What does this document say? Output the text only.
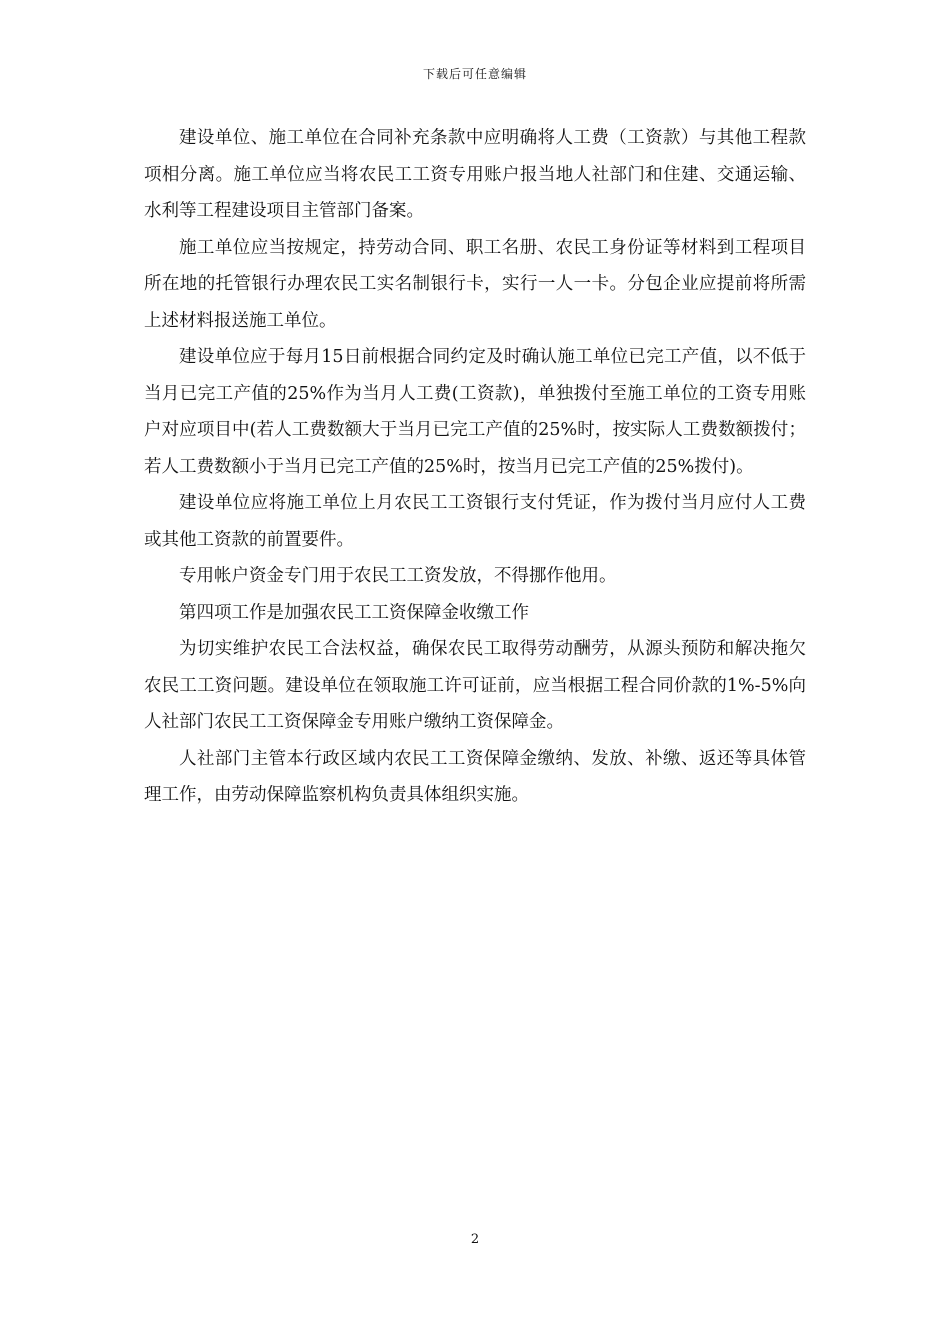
下载后可任意编辑

建设单位、施工单位在合同补充条款中应明确将人工费（工资款）与其他工程款项相分离。施工单位应当将农民工工资专用账户报当地人社部门和住建、交通运输、水利等工程建设项目主管部门备案。

施工单位应当按规定，持劳动合同、职工名册、农民工身份证等材料到工程项目所在地的托管银行办理农民工实名制银行卡，实行一人一卡。分包企业应提前将所需上述材料报送施工单位。

建设单位应于每月15日前根据合同约定及时确认施工单位已完工产值，以不低于当月已完工产值的25%作为当月人工费(工资款)，单独拨付至施工单位的工资专用账户对应项目中(若人工费数额大于当月已完工产值的25%时，按实际人工费数额拨付；若人工费数额小于当月已完工产值的25%时，按当月已完工产值的25%拨付)。

建设单位应将施工单位上月农民工工资银行支付凭证，作为拨付当月应付人工费或其他工资款的前置要件。

专用帐户资金专门用于农民工工资发放，不得挪作他用。

第四项工作是加强农民工工资保障金收缴工作

为切实维护农民工合法权益，确保农民工取得劳动酬劳，从源头预防和解决拖欠农民工工资问题。建设单位在领取施工许可证前，应当根据工程合同价款的1%-5%向人社部门农民工工资保障金专用账户缴纳工资保障金。

人社部门主管本行政区域内农民工工资保障金缴纳、发放、补缴、返还等具体管理工作，由劳动保障监察机构负责具体组织实施。

2
